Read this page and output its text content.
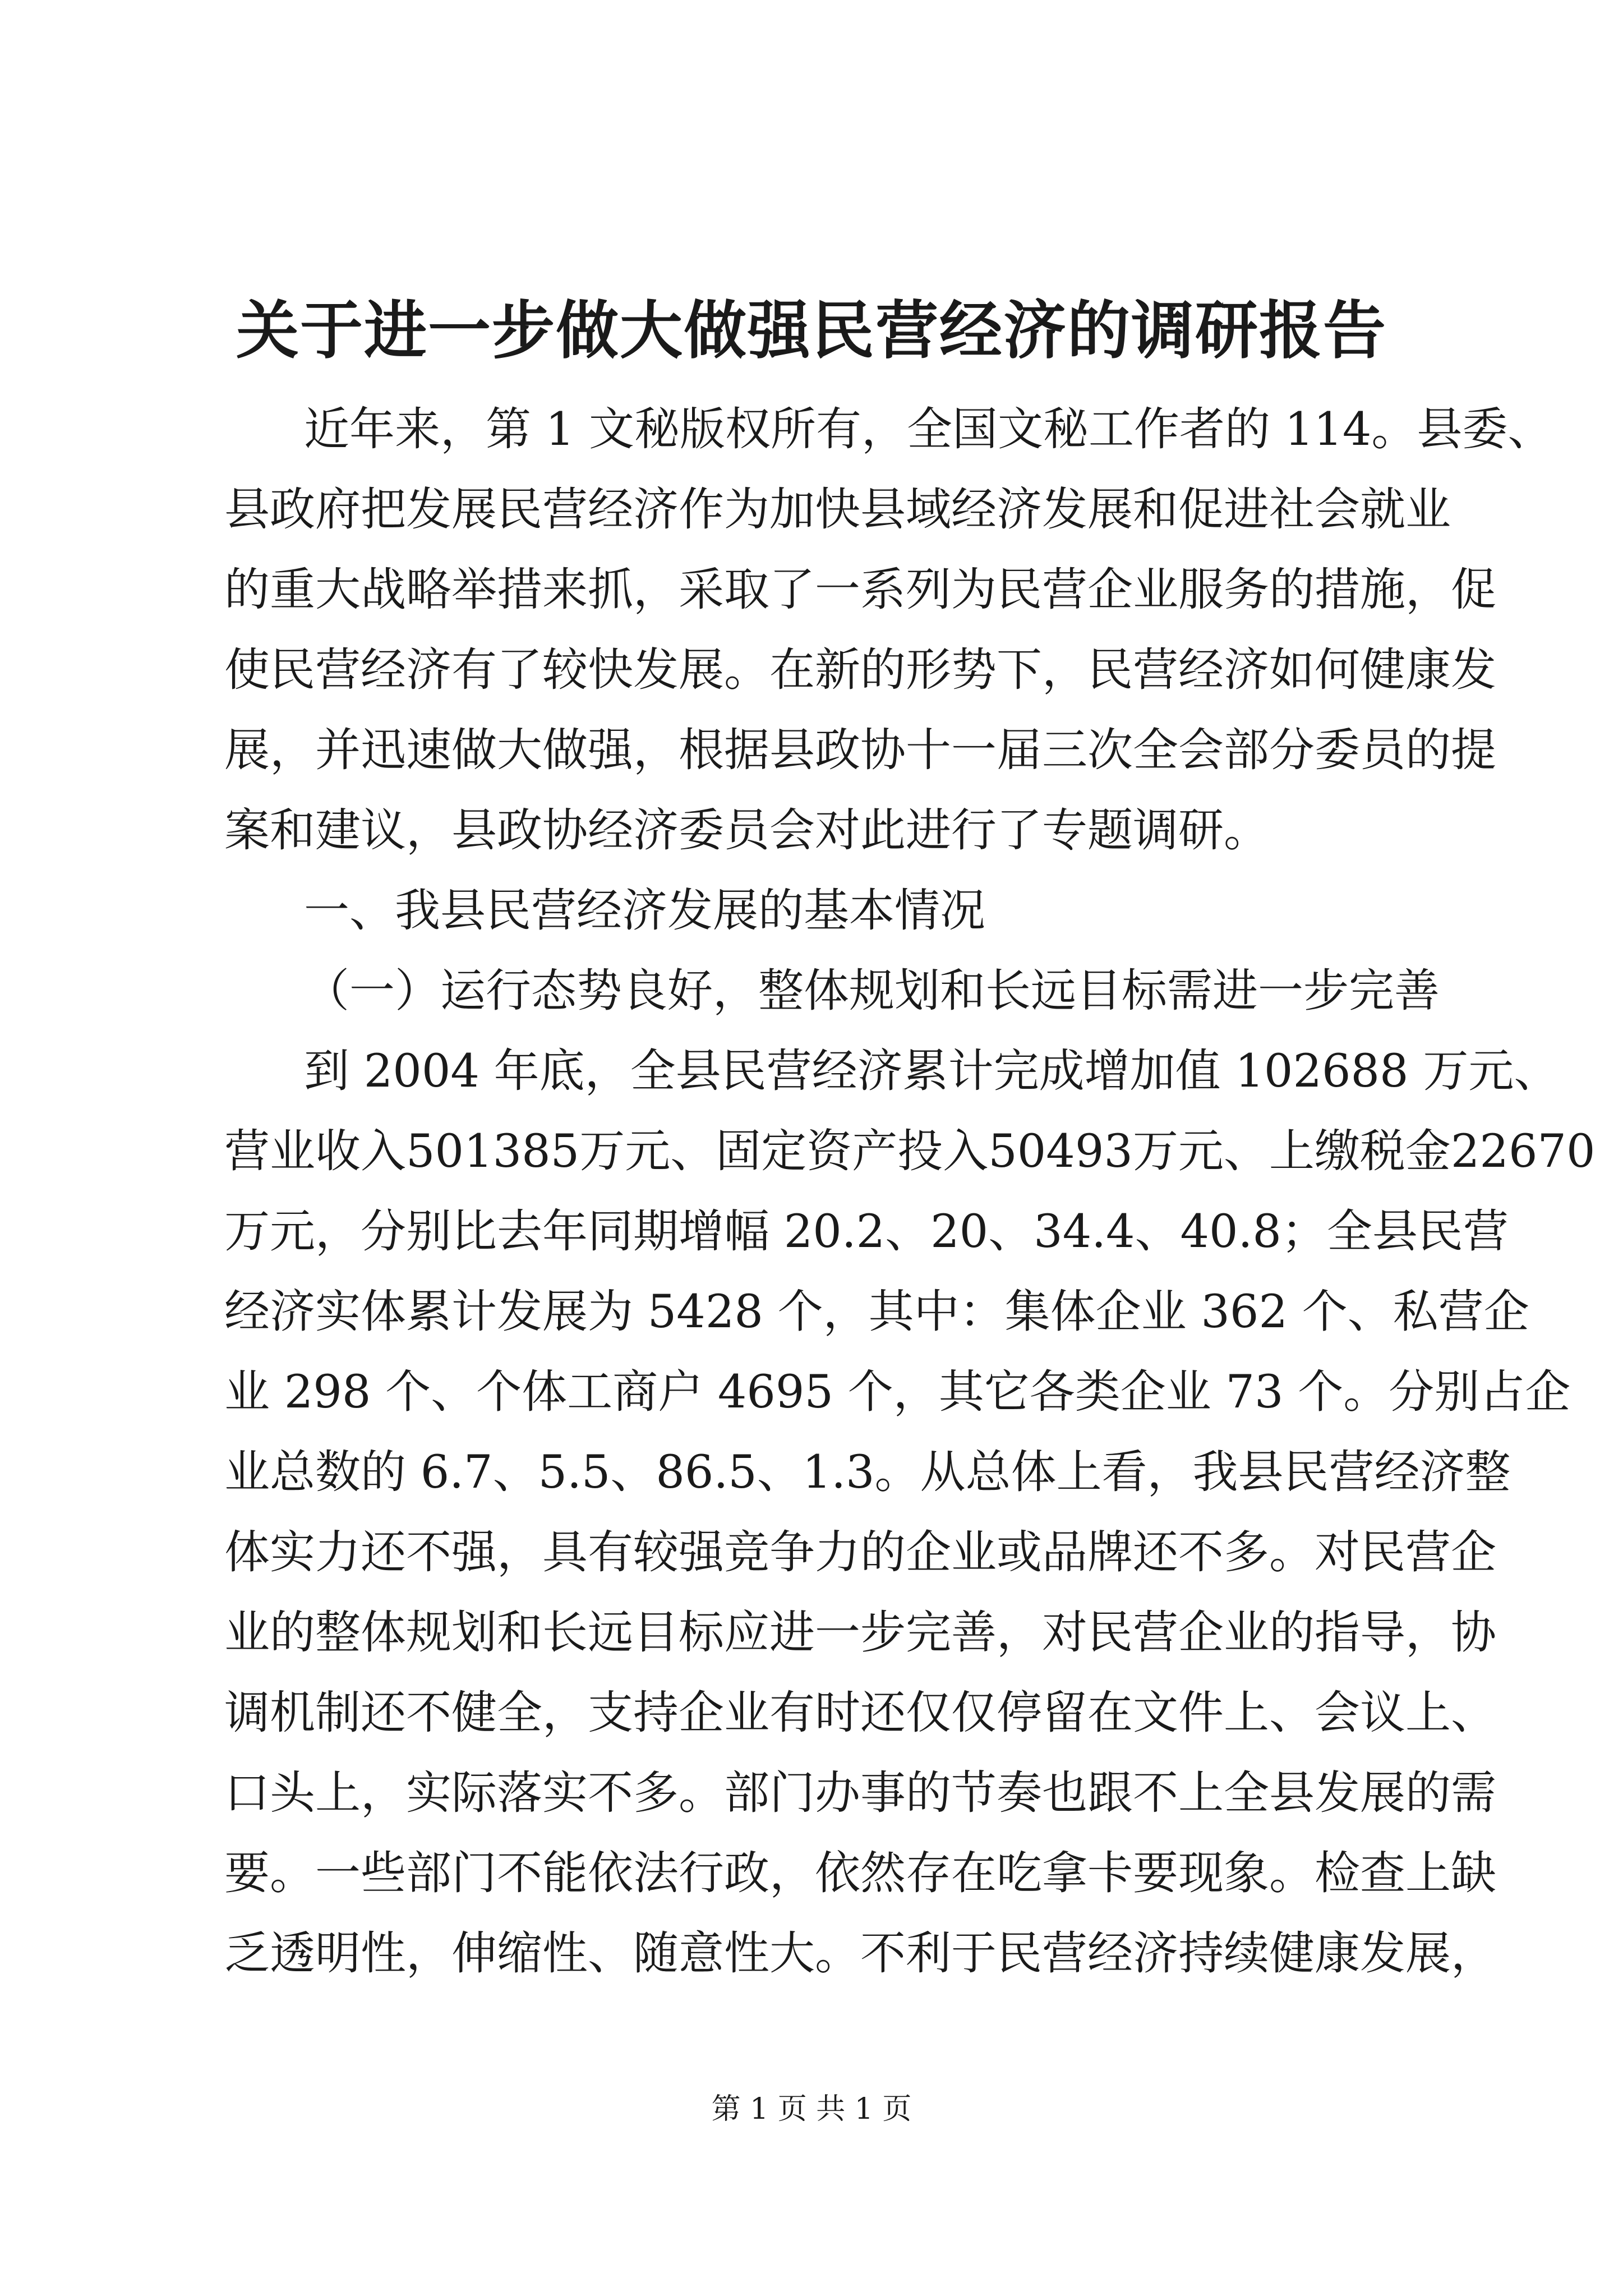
关于进一步做大做强民营经济的调研报告

近年来，第 1 文秘版权所有，全国文秘工作者的 114。县委、

县政府把发展民营经济作为加快县域经济发展和促进社会就业

的重大战略举措来抓，采取了一系列为民营企业服务的措施，促

使民营经济有了较快发展。在新的形势下，民营经济如何健康发

展，并迅速做大做强，根据县政协十一届三次全会部分委员的提

案和建议，县政协经济委员会对此进行了专题调研。

一、我县民营经济发展的基本情况

（一）运行态势良好，整体规划和长远目标需进一步完善

到 2004 年底，全县民营经济累计完成增加值 102688 万元、

营业收入501385万元、固定资产投入50493万元、上缴税金22670

万元，分别比去年同期增幅 20.2、20、34.4、40.8；全县民营

经济实体累计发展为 5428 个，其中：集体企业 362 个、私营企

业 298 个、个体工商户 4695 个，其它各类企业 73 个。分别占企

业总数的 6.7、5.5、86.5、1.3。从总体上看，我县民营经济整

体实力还不强，具有较强竞争力的企业或品牌还不多。对民营企

业的整体规划和长远目标应进一步完善，对民营企业的指导，协

调机制还不健全，支持企业有时还仅仅停留在文件上、会议上、

口头上，实际落实不多。部门办事的节奏也跟不上全县发展的需

要。一些部门不能依法行政，依然存在吃拿卡要现象。检查上缺

乏透明性，伸缩性、随意性大。不利于民营经济持续健康发展，

第 1 页 共 1 页
